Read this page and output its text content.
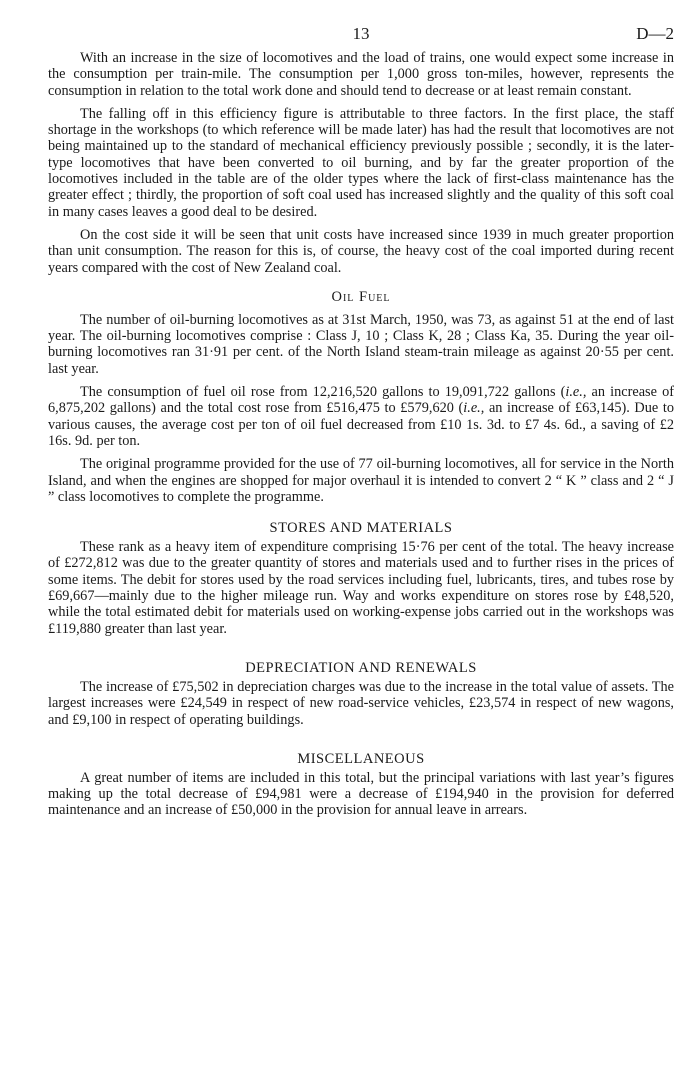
13	D—2

With an increase in the size of locomotives and the load of trains, one would expect some increase in the consumption per train-mile. The consumption per 1,000 gross ton-miles, however, represents the consumption in relation to the total work done and should tend to decrease or at least remain constant.

The falling off in this efficiency figure is attributable to three factors. In the first place, the staff shortage in the workshops (to which reference will be made later) has had the result that locomotives are not being maintained up to the standard of mechanical efficiency previously possible ; secondly, it is the later-type locomotives that have been converted to oil burning, and by far the greater proportion of the locomotives included in the table are of the older types where the lack of first-class maintenance has the greater effect ; thirdly, the proportion of soft coal used has increased slightly and the quality of this soft coal in many cases leaves a good deal to be desired.

On the cost side it will be seen that unit costs have increased since 1939 in much greater proportion than unit consumption. The reason for this is, of course, the heavy cost of the coal imported during recent years compared with the cost of New Zealand coal.

Oil Fuel

The number of oil-burning locomotives as at 31st March, 1950, was 73, as against 51 at the end of last year. The oil-burning locomotives comprise : Class J, 10 ; Class K, 28 ; Class Ka, 35. During the year oil-burning locomotives ran 31·91 per cent. of the North Island steam-train mileage as against 20·55 per cent. last year.

The consumption of fuel oil rose from 12,216,520 gallons to 19,091,722 gallons (i.e., an increase of 6,875,202 gallons) and the total cost rose from £516,475 to £579,620 (i.e., an increase of £63,145). Due to various causes, the average cost per ton of oil fuel decreased from £10 1s. 3d. to £7 4s. 6d., a saving of £2 16s. 9d. per ton.

The original programme provided for the use of 77 oil-burning locomotives, all for service in the North Island, and when the engines are shopped for major overhaul it is intended to convert 2 “ K ” class and 2 “ J ” class locomotives to complete the programme.

STORES AND MATERIALS

These rank as a heavy item of expenditure comprising 15·76 per cent of the total. The heavy increase of £272,812 was due to the greater quantity of stores and materials used and to further rises in the prices of some items. The debit for stores used by the road services including fuel, lubricants, tires, and tubes rose by £69,667—mainly due to the higher mileage run. Way and works expenditure on stores rose by £48,520, while the total estimated debit for materials used on working-expense jobs carried out in the workshops was £119,880 greater than last year.

DEPRECIATION AND RENEWALS

The increase of £75,502 in depreciation charges was due to the increase in the total value of assets. The largest increases were £24,549 in respect of new road-service vehicles, £23,574 in respect of new wagons, and £9,100 in respect of operating buildings.

MISCELLANEOUS

A great number of items are included in this total, but the principal variations with last year’s figures making up the total decrease of £94,981 were a decrease of £194,940 in the provision for deferred maintenance and an increase of £50,000 in the provision for annual leave in arrears.
